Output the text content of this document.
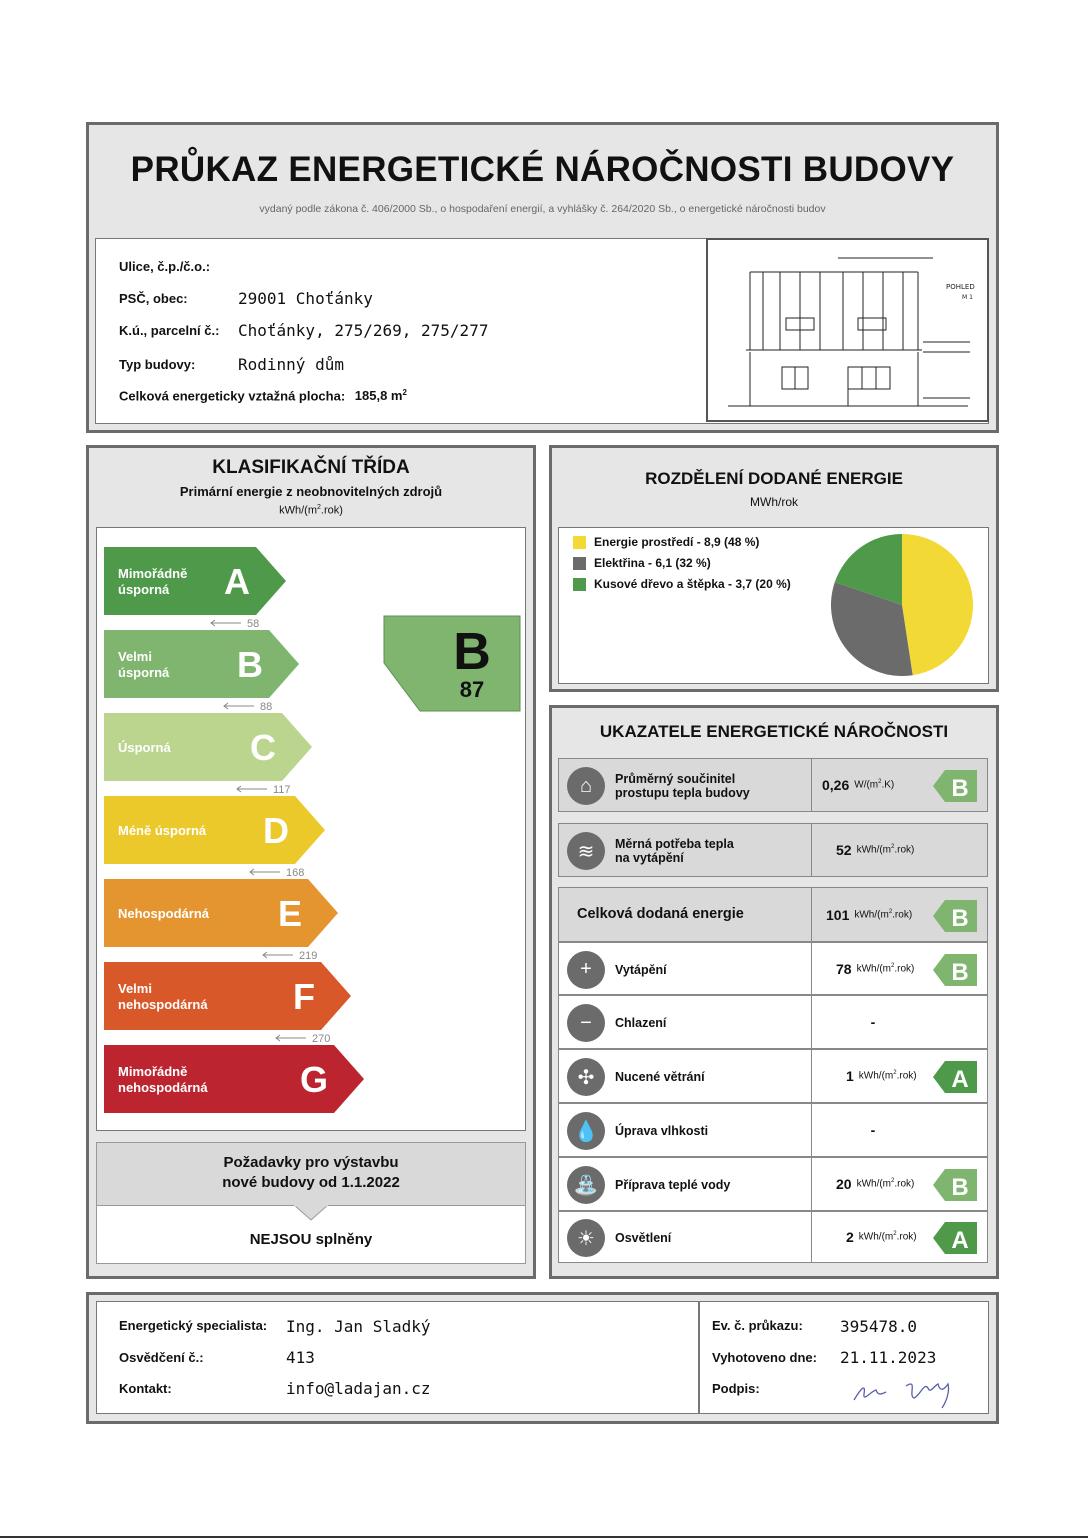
PRŮKAZ ENERGETICKÉ NÁROČNOSTI BUDOVY
vydaný podle zákona č. 406/2000 Sb., o hospodaření energií, a vyhlášky č. 264/2020 Sb., o energetické náročnosti budov
Ulice, č.p./č.o.:
PSČ, obec:	29001 Choťánky
K.ú., parcelní č.: Choťánky, 275/269, 275/277
Typ budovy:	Rodinný dům
Celková energeticky vztažná plocha: 185,8 $m^2$
POHLED
M 1
KLASIFIKAČNÍ TŘÍDA
Primární energie z neobnovitelných zdrojů
kWh/$(m^2.rok)$
A
Mimořádně
úsporná
58
B
Velmi
úsporná
88
C
Úsporná
117
D
Méně úsporná
168
E
Nehospodárná
219
F
Velmi
nehospodárná
270
G
Mimořádně
nehospodárná
B
87
Požadavky pro výstavbu
nové budovy od 1.1.2022
NEJSOU splněny
ROZDĚLENÍ DODANÉ ENERGIE
MWh/rok
Energie prostředí - 8,9 (48 %)
Elektřina - 6,1 (32 %)
Kusové dřevo a štěpka - 3,7 (20 %)
UKAZATELE ENERGETICKÉ NÁROČNOSTI
⌂	Průměrný součinitel
prostupu tepla budovy	0,26 $W/(m^2.K)$ B
≋	Měrná potřeba tepla
na vytápění	52 kWh/$(m^2.rok)$
Celková dodaná energie	101 kWh/$(m^2.rok)$ B
+	Vytápění	78 kWh/$(m^2.rok)$ B
−	Chlazení	-
✣	Nucené větrání	1 kWh/$(m^2.rok)$ A
💧	Úprava vlhkosti	-
⛲	Příprava teplé vody	20 kWh/$(m^2.rok)$ B
☀	Osvětlení	2 kWh/$(m^2.rok)$ A
Energetický specialista: Ing. Jan Sladký
Osvědčení č.:	413
Kontakt:	info@ladajan.cz
Ev. č. průkazu: 395478.0
Vyhotoveno dne: 21.11.2023
Podpis:
